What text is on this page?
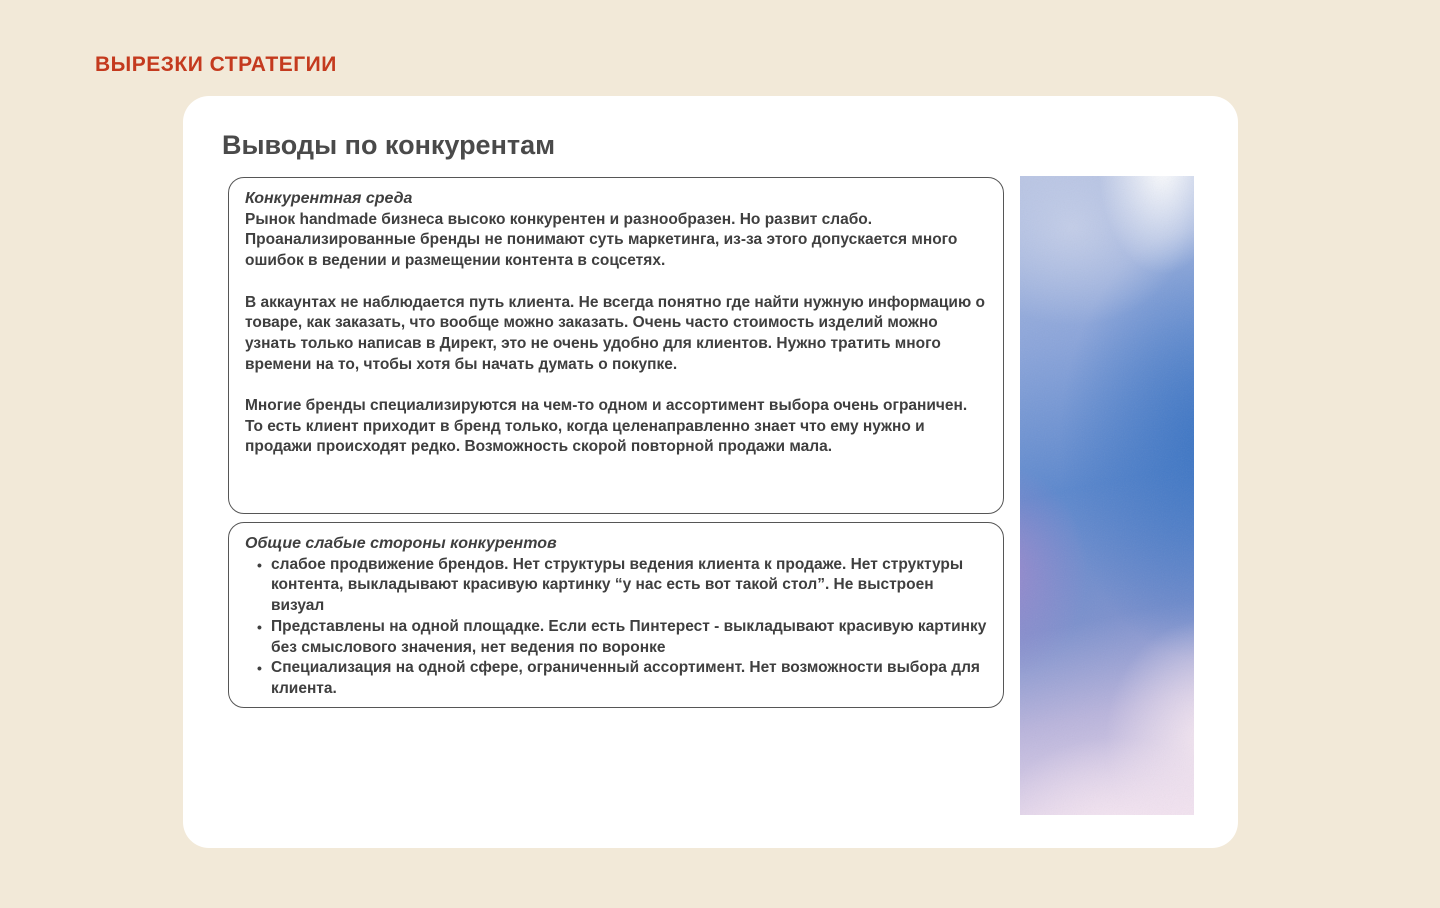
ВЫРЕЗКИ СТРАТЕГИИ
Выводы по конкурентам
Конкурентная среда

Рынок handmade бизнеса высоко конкурентен и разнообразен. Но развит слабо. Проанализированные бренды не понимают суть маркетинга, из-за этого допускается много ошибок в ведении и размещении контента в соцсетях.

В аккаунтах не наблюдается путь клиента. Не всегда понятно где найти нужную информацию о товаре, как заказать, что вообще можно заказать. Очень часто стоимость изделий можно узнать только написав в Директ, это не очень удобно для клиентов. Нужно тратить много времени на то, чтобы хотя бы начать думать о покупке.

Многие бренды специализируются на чем-то одном и ассортимент выбора очень ограничен. То есть клиент приходит в бренд только, когда целенаправленно знает что ему нужно и продажи происходят редко. Возможность скорой повторной продажи мала.

Общие слабые стороны конкурентов
• слабое продвижение брендов. Нет структуры ведения клиента к продаже. Нет структуры контента, выкладывают красивую картинку “у нас есть вот такой стол”. Не выстроен визуал
• Представлены на одной площадке. Если есть Пинтерест - выкладывают красивую картинку без смыслового значения, нет ведения по воронке
• Специализация на одной сфере, ограниченный ассортимент. Нет возможности выбора для клиента.
